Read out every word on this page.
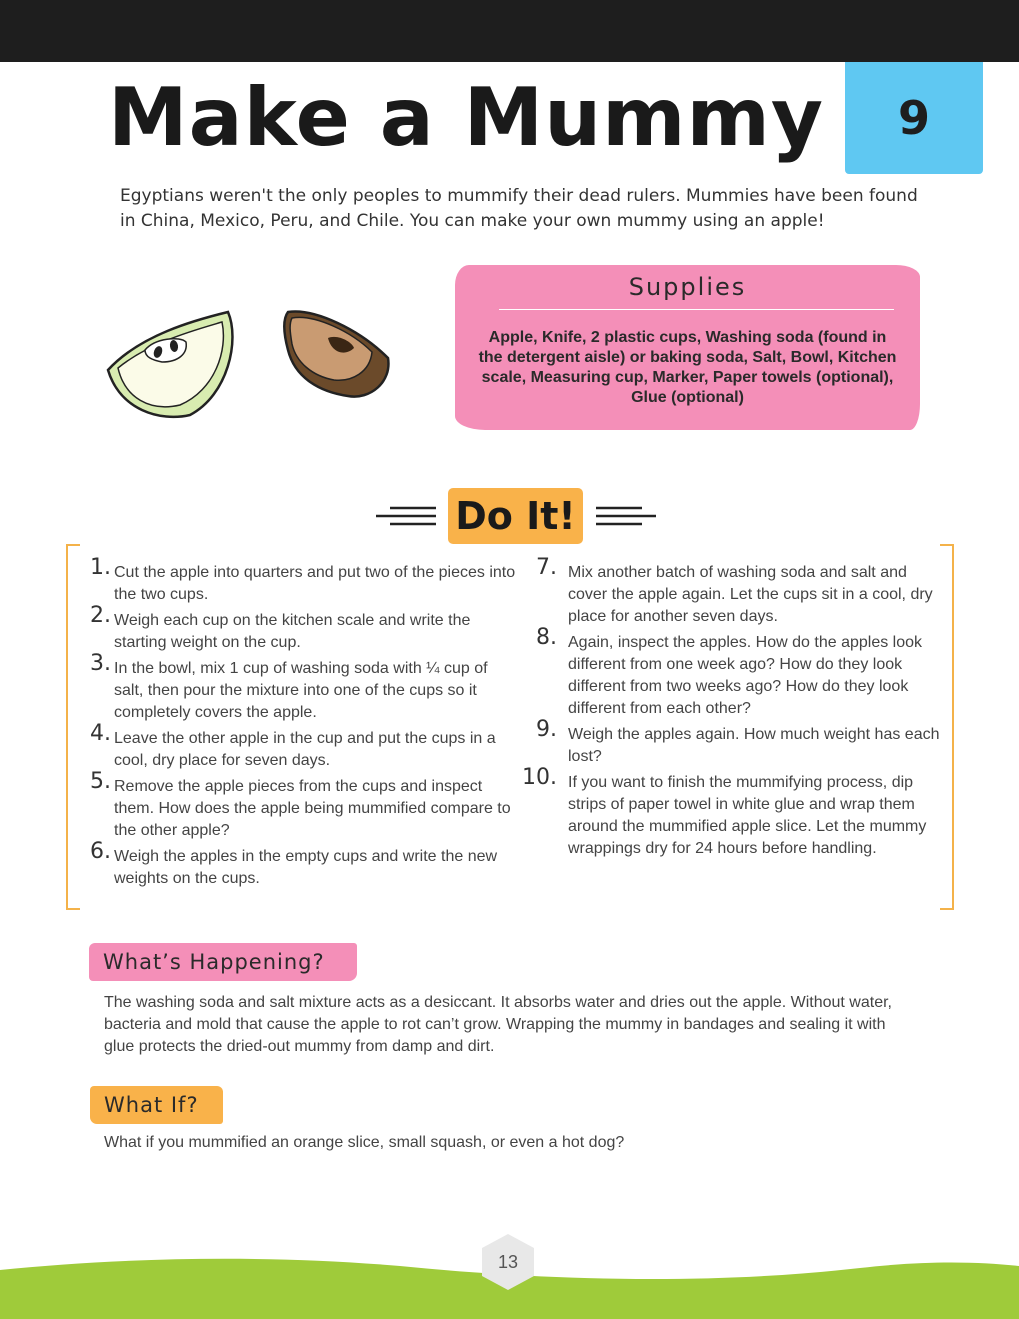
9
Make a Mummy

Egyptians weren't the only peoples to mummify their dead rulers. Mummies have been found in China, Mexico, Peru, and Chile. You can make your own mummy using an apple!

Supplies

Apple, Knife, 2 plastic cups, Washing soda (found in the detergent aisle) or baking soda, Salt, Bowl, Kitchen scale, Measuring cup, Marker, Paper towels (optional), Glue (optional)

Do It!
1. Cut the apple into quarters and put two of the pieces into the two cups.
2. Weigh each cup on the kitchen scale and write the starting weight on the cup.
3. In the bowl, mix 1 cup of washing soda with ¼ cup of salt, then pour the mixture into one of the cups so it completely covers the apple.
4. Leave the other apple in the cup and put the cups in a cool, dry place for seven days.
5. Remove the apple pieces from the cups and inspect them. How does the apple being mummified compare to the other apple?
6. Weigh the apples in the empty cups and write the new weights on the cups.
7. Mix another batch of washing soda and salt and cover the apple again. Let the cups sit in a cool, dry place for another seven days.
8. Again, inspect the apples. How do the apples look different from one week ago? How do they look different from two weeks ago? How do they look different from each other?
9. Weigh the apples again. How much weight has each lost?
10. If you want to finish the mummifying process, dip strips of paper towel in white glue and wrap them around the mummified apple slice. Let the mummy wrappings dry for 24 hours before handling.
What’s Happening?

The washing soda and salt mixture acts as a desiccant. It absorbs water and dries out the apple. Without water, bacteria and mold that cause the apple to rot can’t grow. Wrapping the mummy in bandages and sealing it with glue protects the dried-out mummy from damp and dirt.

What If?

What if you mummified an orange slice, small squash, or even a hot dog?

13
